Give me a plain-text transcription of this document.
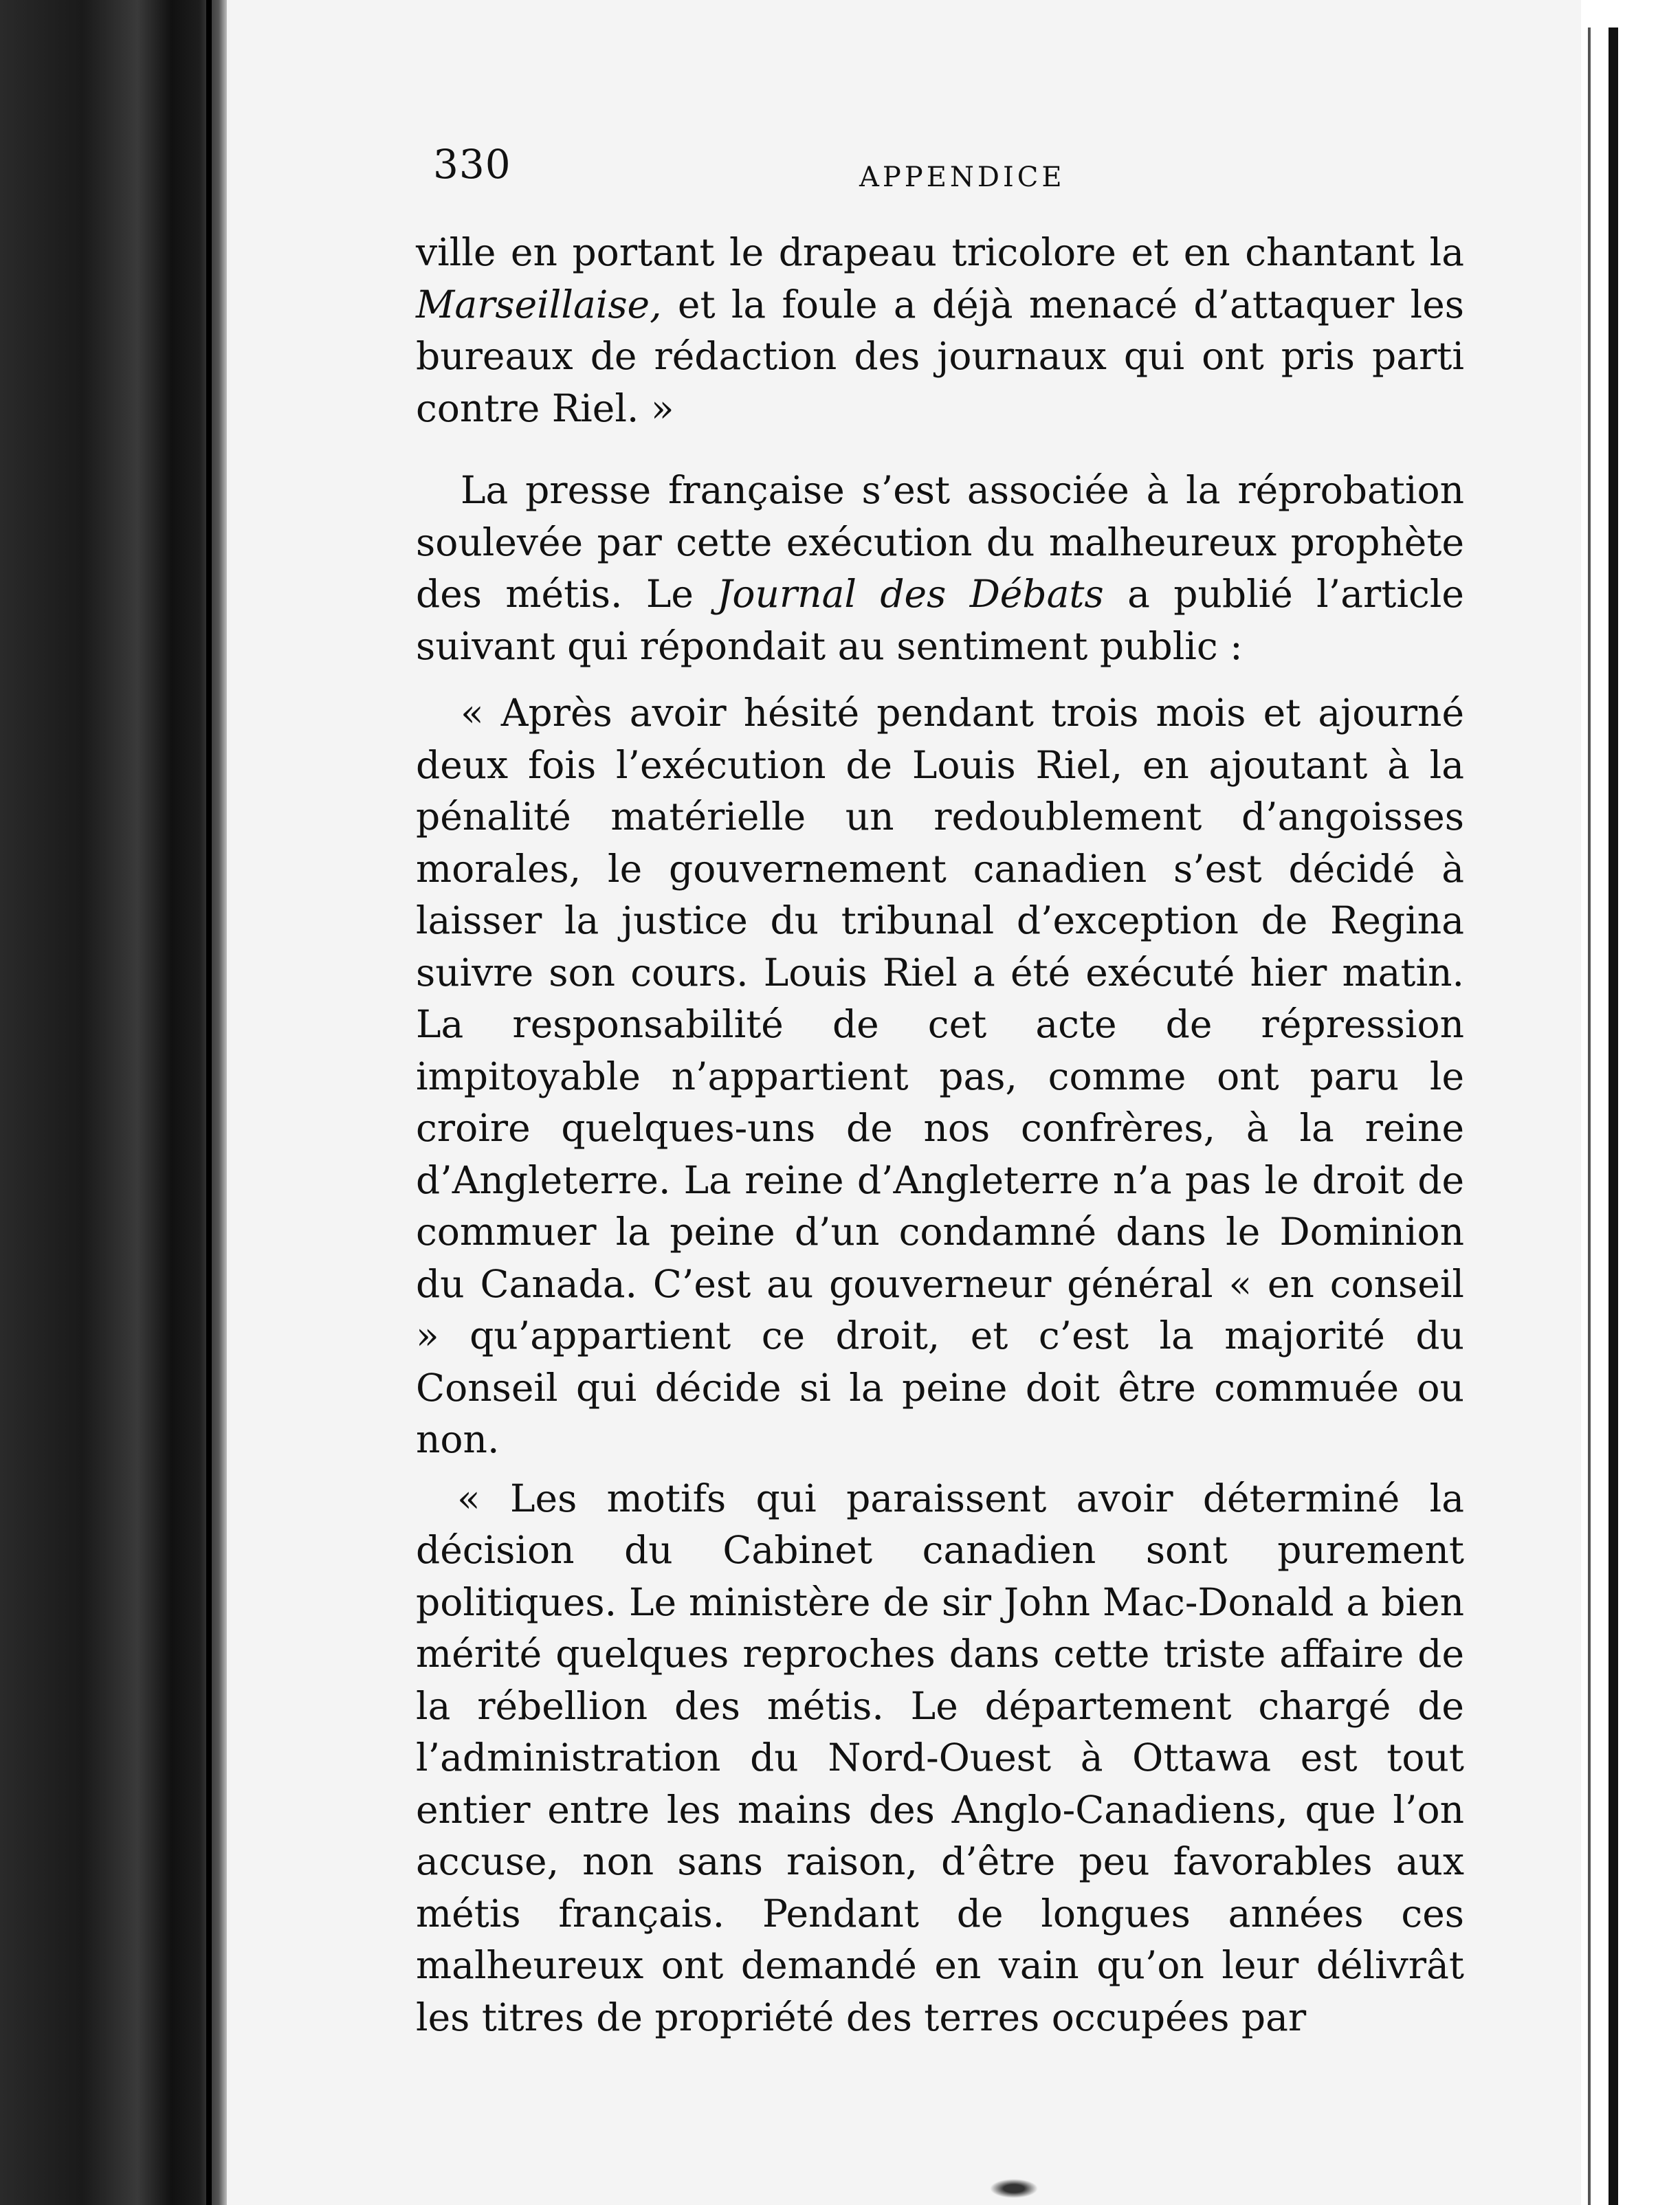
330	APPENDICE

ville en portant le drapeau tricolore et en chantant la Marseillaise, et la foule a déjà menacé d’attaquer les bureaux de rédaction des journaux qui ont pris parti contre Riel. »

La presse française s’est associée à la réprobation soulevée par cette exécution du malheureux prophète des métis. Le Journal des Débats a publié l’article suivant qui répondait au sentiment public :

« Après avoir hésité pendant trois mois et ajourné deux fois l’exécution de Louis Riel, en ajoutant à la pénalité matérielle un redoublement d’angoisses morales, le gouvernement canadien s’est décidé à laisser la justice du tribunal d’exception de Regina suivre son cours. Louis Riel a été exécuté hier matin. La responsabilité de cet acte de répression impitoyable n’appartient pas, comme ont paru le croire quelques-uns de nos confrères, à la reine d’Angleterre. La reine d’Angleterre n’a pas le droit de commuer la peine d’un condamné dans le Dominion du Canada. C’est au gouverneur général « en conseil » qu’appartient ce droit, et c’est la majorité du Conseil qui décide si la peine doit être commuée ou non.

« Les motifs qui paraissent avoir déterminé la décision du Cabinet canadien sont purement politiques. Le ministère de sir John Mac-Donald a bien mérité quelques reproches dans cette triste affaire de la rébellion des métis. Le département chargé de l’administration du Nord-Ouest à Ottawa est tout entier entre les mains des Anglo-Canadiens, que l’on accuse, non sans raison, d’être peu favorables aux métis français. Pendant de longues années ces malheureux ont demandé en vain qu’on leur délivrât les titres de propriété des terres occupées par
